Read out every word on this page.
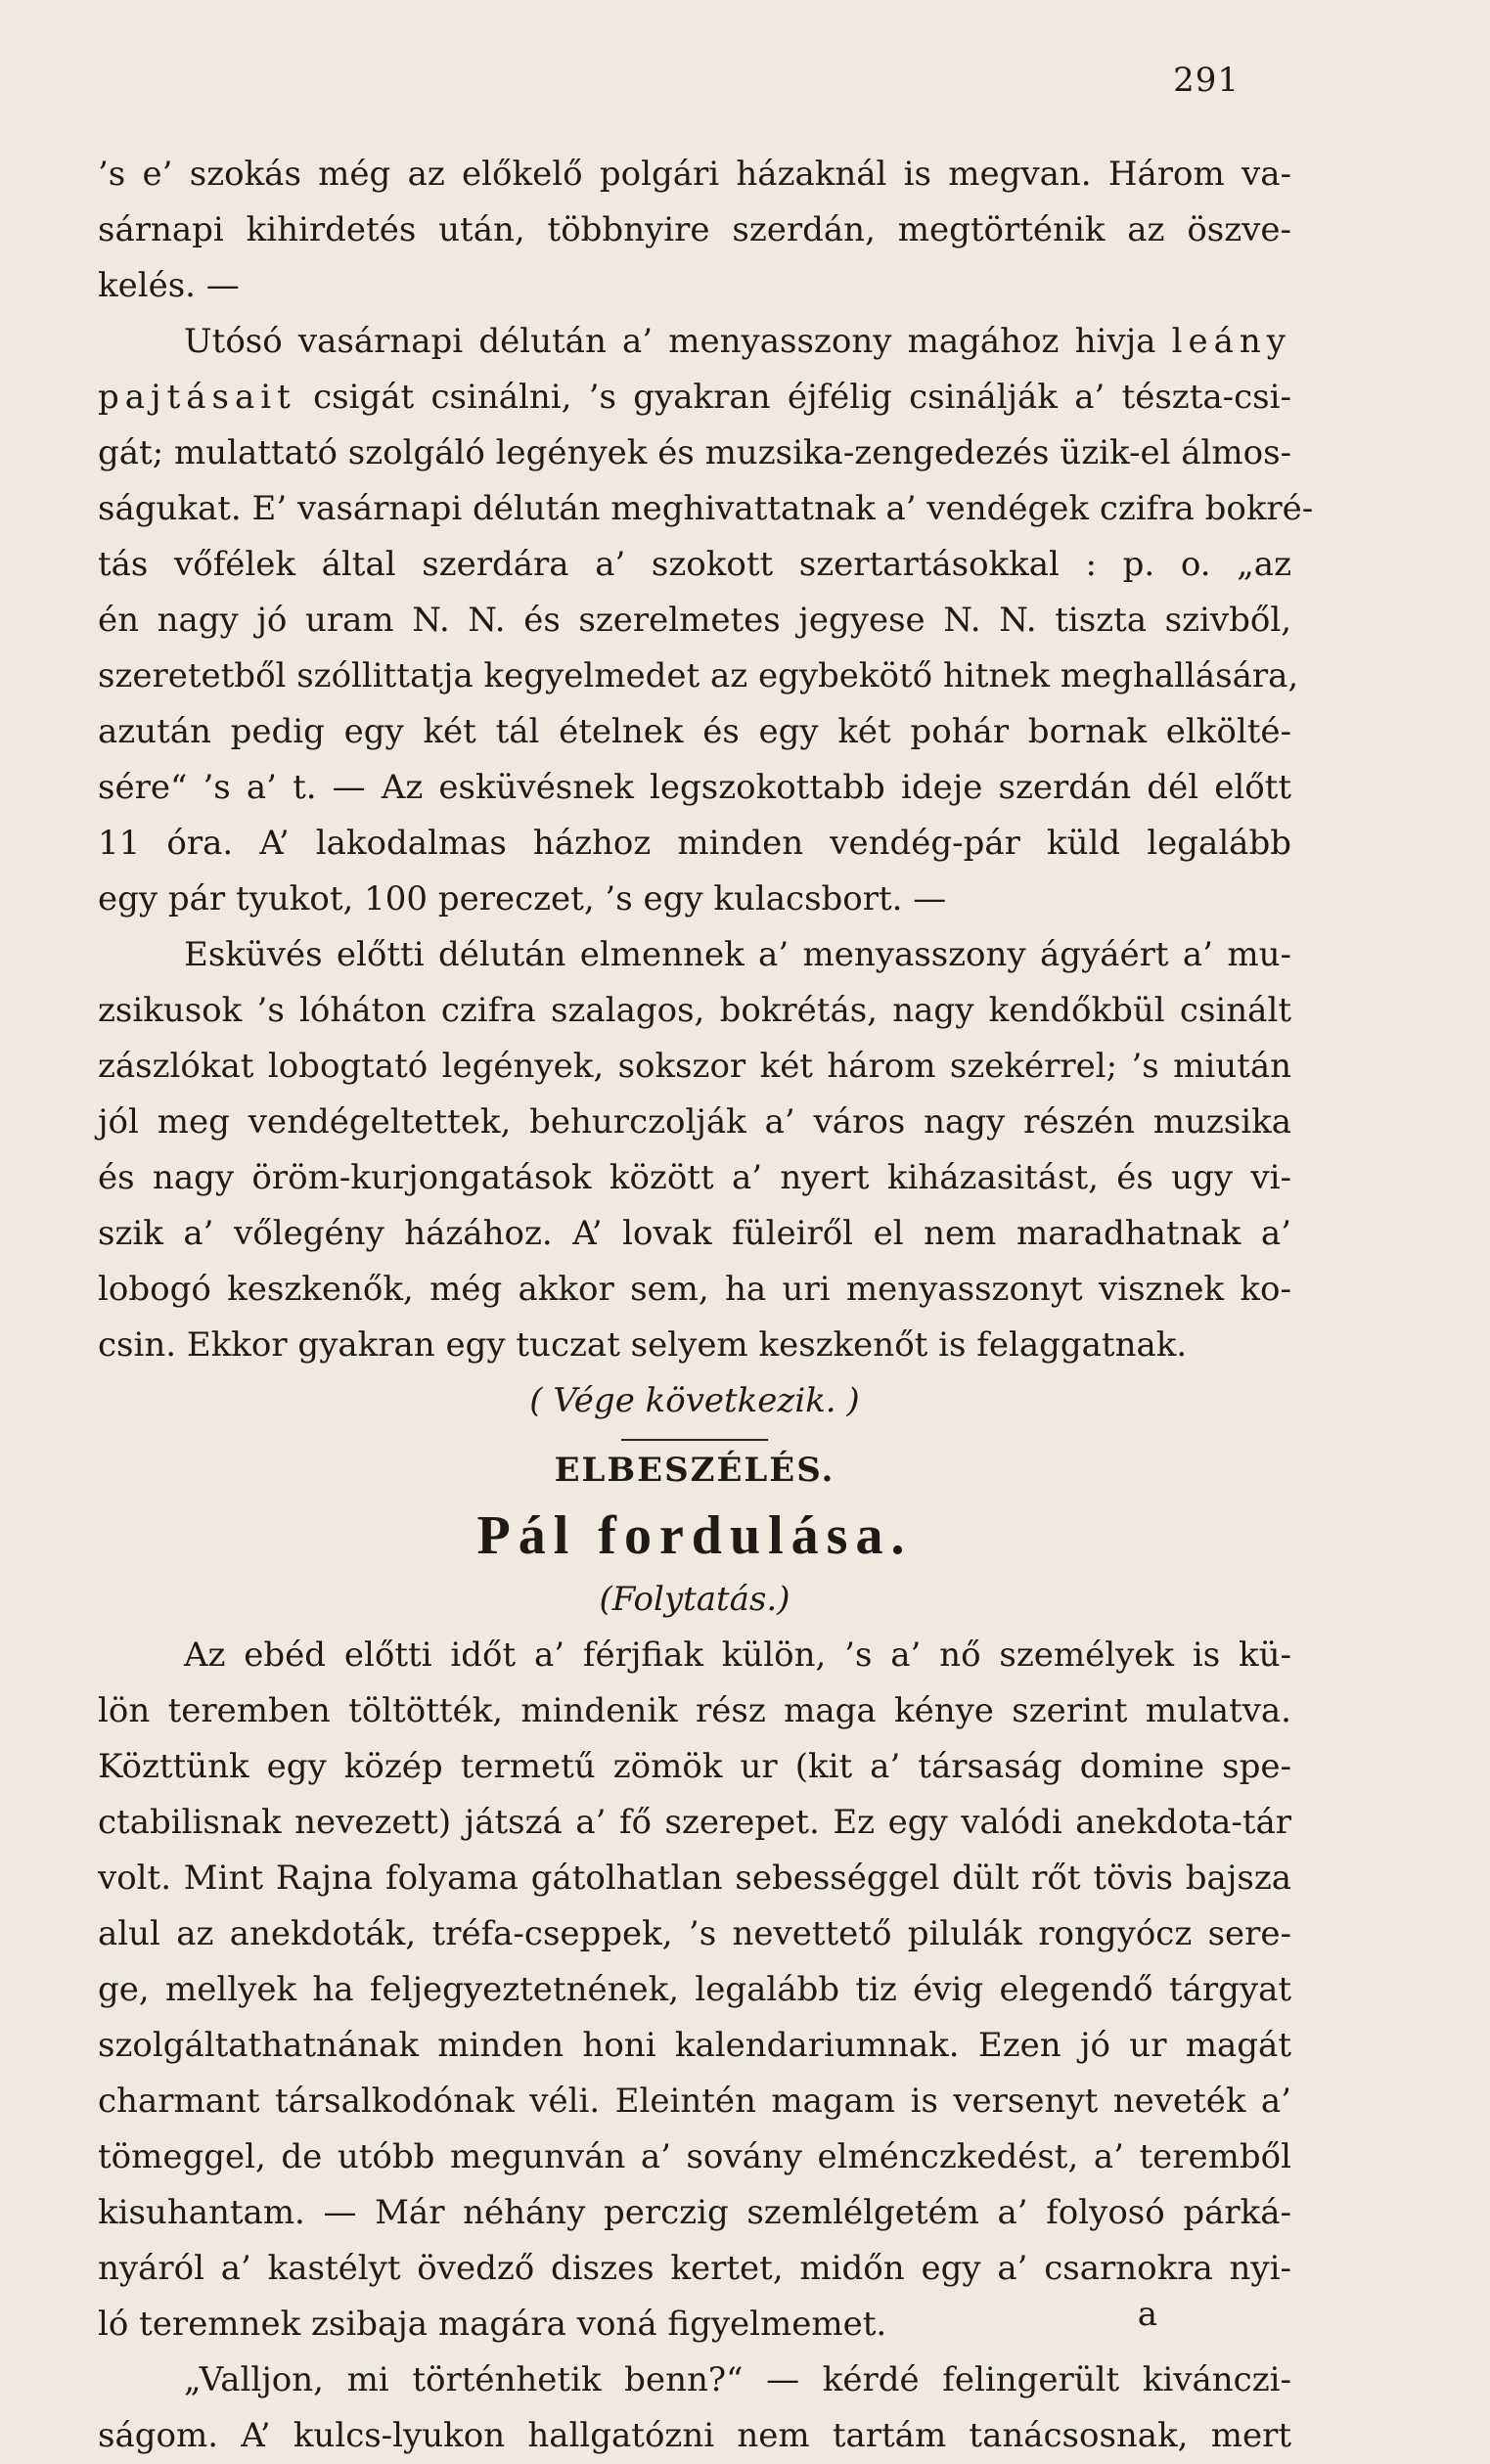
291

’s e’ szokás még az előkelő polgári házaknál is megvan. Három va-

sárnapi kihirdetés után, többnyire szerdán, megtörténik az öszve-

kelés. —

Utósó vasárnapi délután a’ menyasszony magához hivja leány

pajtásait csigát csinálni, ’s gyakran éjfélig csinálják a’ tészta-csi-

gát; mulattató szolgáló legények és muzsika-zengedezés üzik-el álmos-

ságukat. E’ vasárnapi délután meghivattatnak a’ vendégek czifra bokré-

tás vőfélek által szerdára a’ szokott szertartásokkal : p. o. „az

én nagy jó uram N. N. és szerelmetes jegyese N. N. tiszta szivből,

szeretetből szóllittatja kegyelmedet az egybekötő hitnek meghallására,

azután pedig egy két tál ételnek és egy két pohár bornak elkölté-

sére“ ’s a’ t. — Az esküvésnek legszokottabb ideje szerdán dél előtt

11 óra. A’ lakodalmas házhoz minden vendég-pár küld legalább

egy pár tyukot, 100 pereczet, ’s egy kulacsbort. —

Esküvés előtti délután elmennek a’ menyasszony ágyáért a’ mu-

zsikusok ’s lóháton czifra szalagos, bokrétás, nagy kendőkbül csinált

zászlókat lobogtató legények, sokszor két három szekérrel; ’s miután

jól meg vendégeltettek, behurczolják a’ város nagy részén muzsika

és nagy öröm-kurjongatások között a’ nyert kiházasitást, és ugy vi-

szik a’ vőlegény házához. A’ lovak füleiről el nem maradhatnak a’

lobogó keszkenők, még akkor sem, ha uri menyasszonyt visznek ko-

csin. Ekkor gyakran egy tuczat selyem keszkenőt is felaggatnak.

( Vége következik. )

ELBESZÉLÉS.
Pál fordulása.

(Folytatás.)

Az ebéd előtti időt a’ férjfiak külön, ’s a’ nő személyek is kü-

lön teremben töltötték, mindenik rész maga kénye szerint mulatva.

Közttünk egy közép termetű zömök ur (kit a’ társaság domine spe-

ctabilisnak nevezett) játszá a’ fő szerepet. Ez egy valódi anekdota-tár

volt. Mint Rajna folyama gátolhatlan sebességgel dült rőt tövis bajsza

alul az anekdoták, tréfa-cseppek, ’s nevettető pilulák rongyócz sere-

ge, mellyek ha feljegyeztetnének, legalább tiz évig elegendő tárgyat

szolgáltathatnának minden honi kalendariumnak. Ezen jó ur magát

charmant társalkodónak véli. Eleintén magam is versenyt neveték a’

tömeggel, de utóbb megunván a’ sovány elménczkedést, a’ teremből

kisuhantam. — Már néhány perczig szemlélgetém a’ folyosó párká-

nyáról a’ kastélyt övedző diszes kertet, midőn egy a’ csarnokra nyi-

ló teremnek zsibaja magára voná figyelmemet.

„Valljon, mi történhetik benn?“ — kérdé felingerült kivánczi-

ságom. A’ kulcs-lyukon hallgatózni nem tartám tanácsosnak, mert

a
